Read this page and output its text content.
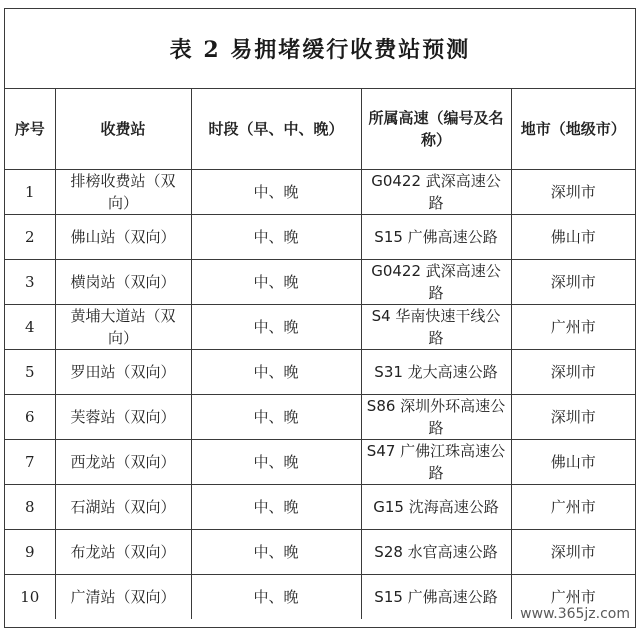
表 2 易拥堵缓行收费站预测
序号	收费站	时段（早、中、晚）	所属高速（编号及名称）	地市（地级市）
1	排榜收费站（双向）	中、晚	G0422 武深高速公路	深圳市
2	佛山站（双向）	中、晚	S15 广佛高速公路	佛山市
3	横岗站（双向）	中、晚	G0422 武深高速公路	深圳市
4	黄埔大道站（双向）	中、晚	S4 华南快速干线公路	广州市
5	罗田站（双向）	中、晚	S31 龙大高速公路	深圳市
6	芙蓉站（双向）	中、晚	S86 深圳外环高速公路	深圳市
7	西龙站（双向）	中、晚	S47 广佛江珠高速公路	佛山市
8	石湖站（双向）	中、晚	G15 沈海高速公路	广州市
9	布龙站（双向）	中、晚	S28 水官高速公路	深圳市
10	广清站（双向）	中、晚	S15 广佛高速公路	广州市
www.365jz.com
